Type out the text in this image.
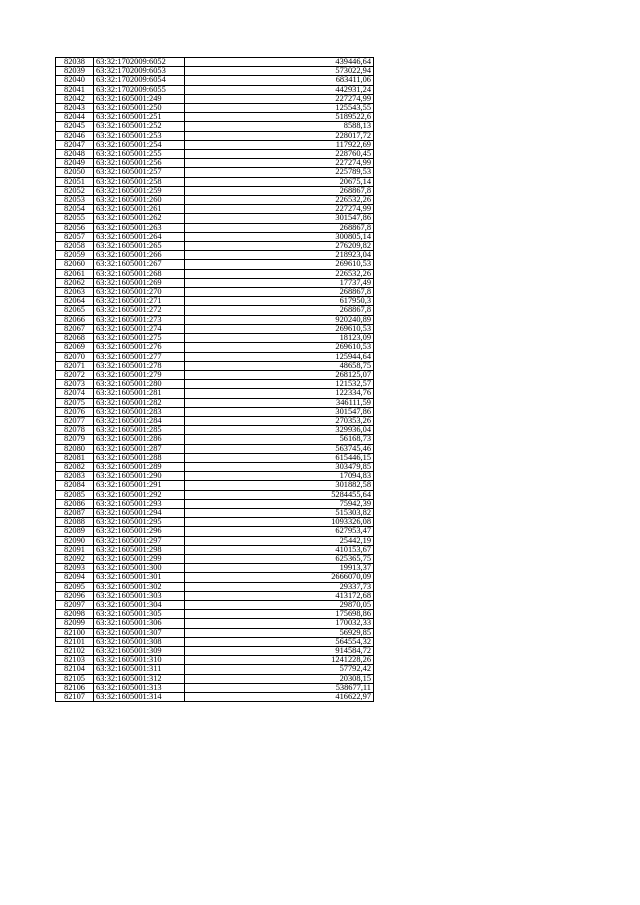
82038	63:32:1702009:6052	439446,64
82039	63:32:1702009:6053	573022,94
82040	63:32:1702009:6054	683411,06
82041	63:32:1702009:6055	442931,24
82042	63:32:1605001:249	227274,99
82043	63:32:1605001:250	125543,55
82044	63:32:1605001:251	5189522,6
82045	63:32:1605001:252	8588,13
82046	63:32:1605001:253	228017,72
82047	63:32:1605001:254	117922,69
82048	63:32:1605001:255	228760,45
82049	63:32:1605001:256	227274,99
82050	63:32:1605001:257	225789,53
82051	63:32:1605001:258	20675,14
82052	63:32:1605001:259	268867,8
82053	63:32:1605001:260	226532,26
82054	63:32:1605001:261	227274,99
82055	63:32:1605001:262	301547,86
82056	63:32:1605001:263	268867,8
82057	63:32:1605001:264	300805,14
82058	63:32:1605001:265	276209,82
82059	63:32:1605001:266	218923,04
82060	63:32:1605001:267	269610,53
82061	63:32:1605001:268	226532,26
82062	63:32:1605001:269	17737,49
82063	63:32:1605001:270	268867,8
82064	63:32:1605001:271	617950,3
82065	63:32:1605001:272	268867,8
82066	63:32:1605001:273	920240,89
82067	63:32:1605001:274	269610,53
82068	63:32:1605001:275	18123,09
82069	63:32:1605001:276	269610,53
82070	63:32:1605001:277	125944,64
82071	63:32:1605001:278	48658,75
82072	63:32:1605001:279	268125,07
82073	63:32:1605001:280	121532,57
82074	63:32:1605001:281	122334,76
82075	63:32:1605001:282	346111,59
82076	63:32:1605001:283	301547,86
82077	63:32:1605001:284	270353,26
82078	63:32:1605001:285	329936,04
82079	63:32:1605001:286	56168,73
82080	63:32:1605001:287	563745,46
82081	63:32:1605001:288	615446,15
82082	63:32:1605001:289	303479,85
82083	63:32:1605001:290	17094,83
82084	63:32:1605001:291	301882,58
82085	63:32:1605001:292	5284455,64
82086	63:32:1605001:293	75942,39
82087	63:32:1605001:294	515303,82
82088	63:32:1605001:295	1093326,08
82089	63:32:1605001:296	627953,47
82090	63:32:1605001:297	25442,19
82091	63:32:1605001:298	410153,67
82092	63:32:1605001:299	625365,75
82093	63:32:1605001:300	19913,37
82094	63:32:1605001:301	2666070,09
82095	63:32:1605001:302	29337,73
82096	63:32:1605001:303	413172,68
82097	63:32:1605001:304	29870,05
82098	63:32:1605001:305	175698,86
82099	63:32:1605001:306	170032,33
82100	63:32:1605001:307	56929,85
82101	63:32:1605001:308	564554,32
82102	63:32:1605001:309	914584,72
82103	63:32:1605001:310	1241228,26
82104	63:32:1605001:311	57792,42
82105	63:32:1605001:312	20308,15
82106	63:32:1605001:313	538677,11
82107	63:32:1605001:314	416622,97
